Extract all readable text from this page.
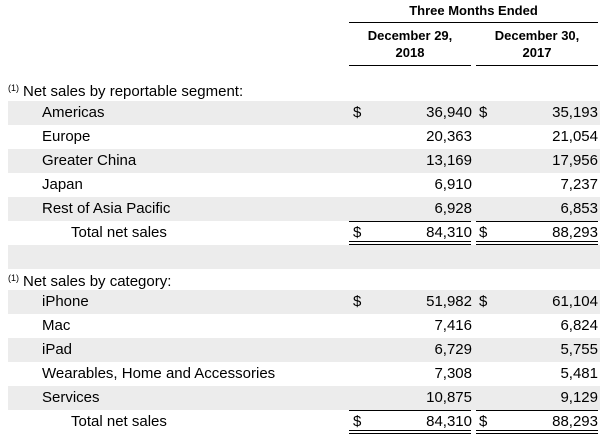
Three Months Ended
December 29, 2018
December 30, 2017
$^{(1)}$ Net sales by reportable segment:
Americas	$	36,940 $	35,193
Europe	20,363	21,054
Greater China	13,169	17,956
Japan	6,910	7,237
Rest of Asia Pacific	6,928	6,853
Total net sales	$	84,310 $	88,293
$^{(1)}$ Net sales by category:
iPhone	$	51,982 $	61,104
Mac	7,416	6,824
iPad	6,729	5,755
Wearables, Home and Accessories	7,308	5,481
Services	10,875	9,129
Total net sales	$	84,310 $	88,293
